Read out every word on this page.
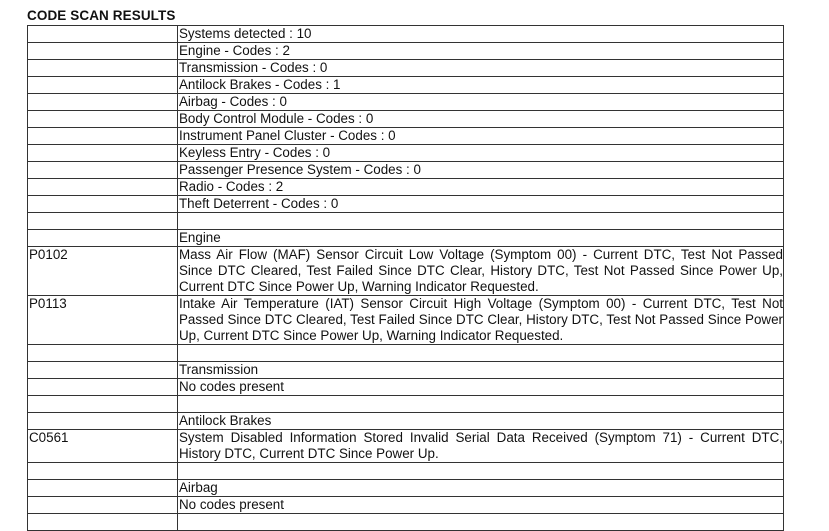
CODE SCAN RESULTS
	Systems detected : 10
	Engine - Codes : 2
	Transmission - Codes : 0
	Antilock Brakes - Codes : 1
	Airbag - Codes : 0
	Body Control Module - Codes : 0
	Instrument Panel Cluster - Codes : 0
	Keyless Entry - Codes : 0
	Passenger Presence System - Codes : 0
	Radio - Codes : 2
	Theft Deterrent - Codes : 0

	Engine
P0102	Mass Air Flow (MAF) Sensor Circuit Low Voltage (Symptom 00) - Current DTC, Test Not Passed Since DTC Cleared, Test Failed Since DTC Clear, History DTC, Test Not Passed Since Power Up, Current DTC Since Power Up, Warning Indicator Requested.
P0113	Intake Air Temperature (IAT) Sensor Circuit High Voltage (Symptom 00) - Current DTC, Test Not Passed Since DTC Cleared, Test Failed Since DTC Clear, History DTC, Test Not Passed Since Power Up, Current DTC Since Power Up, Warning Indicator Requested.

	Transmission
	No codes present

	Antilock Brakes
C0561	System Disabled Information Stored Invalid Serial Data Received (Symptom 71) - Current DTC, History DTC, Current DTC Since Power Up.

	Airbag
	No codes present
